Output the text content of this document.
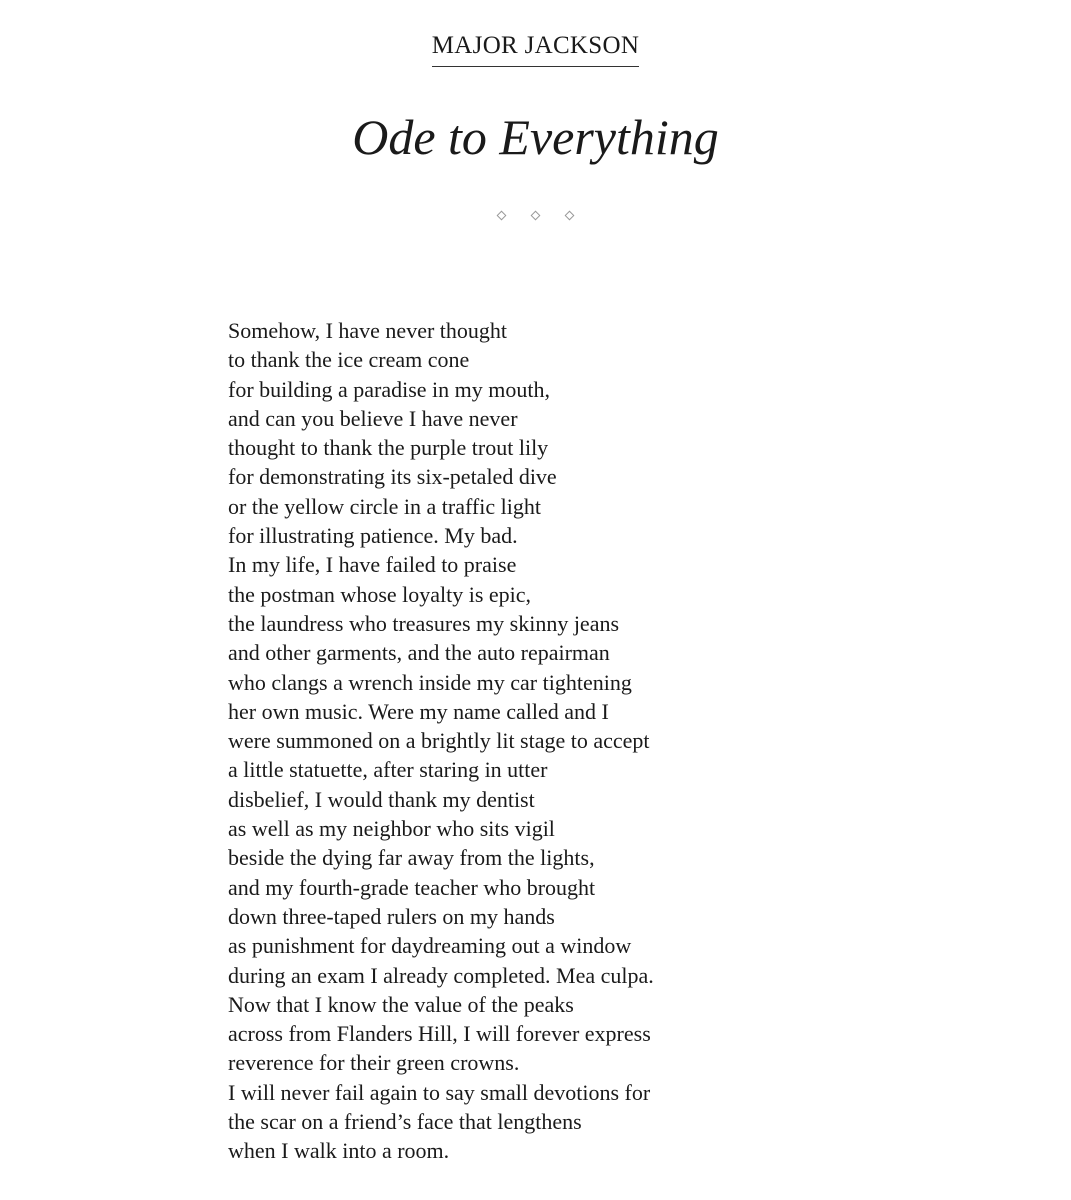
MAJOR JACKSON
Ode to Everything
Somehow, I have never thought
to thank the ice cream cone
for building a paradise in my mouth,
and can you believe I have never
thought to thank the purple trout lily
for demonstrating its six-petaled dive
or the yellow circle in a traffic light
for illustrating patience. My bad.
In my life, I have failed to praise
the postman whose loyalty is epic,
the laundress who treasures my skinny jeans
and other garments, and the auto repairman
who clangs a wrench inside my car tightening
her own music. Were my name called and I
were summoned on a brightly lit stage to accept
a little statuette, after staring in utter
disbelief, I would thank my dentist
as well as my neighbor who sits vigil
beside the dying far away from the lights,
and my fourth-grade teacher who brought
down three-taped rulers on my hands
as punishment for daydreaming out a window
during an exam I already completed. Mea culpa.
Now that I know the value of the peaks
across from Flanders Hill, I will forever express
reverence for their green crowns.
I will never fail again to say small devotions for
the scar on a friend’s face that lengthens
when I walk into a room.
